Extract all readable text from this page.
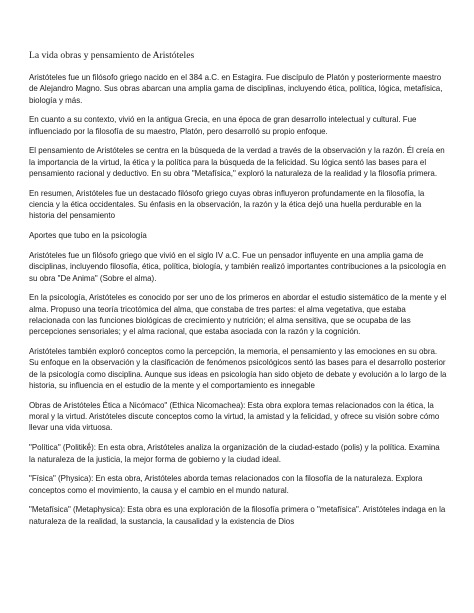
La vida obras y pensamiento de Aristóteles

Aristóteles fue un filósofo griego nacido en el 384 a.C. en Estagira. Fue discípulo de Platón y posteriormente maestro de Alejandro Magno. Sus obras abarcan una amplia gama de disciplinas, incluyendo ética, política, lógica, metafísica, biología y más.

En cuanto a su contexto, vivió en la antigua Grecia, en una época de gran desarrollo intelectual y cultural. Fue influenciado por la filosofía de su maestro, Platón, pero desarrolló su propio enfoque.

El pensamiento de Aristóteles se centra en la búsqueda de la verdad a través de la observación y la razón. Él creía en la importancia de la virtud, la ética y la política para la búsqueda de la felicidad. Su lógica sentó las bases para el pensamiento racional y deductivo. En su obra "Metafísica," exploró la naturaleza de la realidad y la filosofía primera.

En resumen, Aristóteles fue un destacado filósofo griego cuyas obras influyeron profundamente en la filosofía, la ciencia y la ética occidentales. Su énfasis en la observación, la razón y la ética dejó una huella perdurable en la historia del pensamiento

Aportes que tubo en la psicología

Aristóteles fue un filósofo griego que vivió en el siglo IV a.C. Fue un pensador influyente en una amplia gama de disciplinas, incluyendo filosofía, ética, política, biología, y también realizó importantes contribuciones a la psicología en su obra "De Anima" (Sobre el alma).

En la psicología, Aristóteles es conocido por ser uno de los primeros en abordar el estudio sistemático de la mente y el alma. Propuso una teoría tricotómica del alma, que constaba de tres partes: el alma vegetativa, que estaba relacionada con las funciones biológicas de crecimiento y nutrición; el alma sensitiva, que se ocupaba de las percepciones sensoriales; y el alma racional, que estaba asociada con la razón y la cognición.

Aristóteles también exploró conceptos como la percepción, la memoria, el pensamiento y las emociones en su obra. Su enfoque en la observación y la clasificación de fenómenos psicológicos sentó las bases para el desarrollo posterior de la psicología como disciplina. Aunque sus ideas en psicología han sido objeto de debate y evolución a lo largo de la historia, su influencia en el estudio de la mente y el comportamiento es innegable

Obras de Aristóteles Ética a Nicómaco" (Ethica Nicomachea): Esta obra explora temas relacionados con la ética, la moral y la virtud. Aristóteles discute conceptos como la virtud, la amistad y la felicidad, y ofrece su visión sobre cómo llevar una vida virtuosa.

"Política" (Politikḗ): En esta obra, Aristóteles analiza la organización de la ciudad-estado (polis) y la política. Examina la naturaleza de la justicia, la mejor forma de gobierno y la ciudad ideal.

"Física" (Physica): En esta obra, Aristóteles aborda temas relacionados con la filosofía de la naturaleza. Explora conceptos como el movimiento, la causa y el cambio en el mundo natural.

"Metafísica" (Metaphysica): Esta obra es una exploración de la filosofía primera o "metafísica". Aristóteles indaga en la naturaleza de la realidad, la sustancia, la causalidad y la existencia de Dios
